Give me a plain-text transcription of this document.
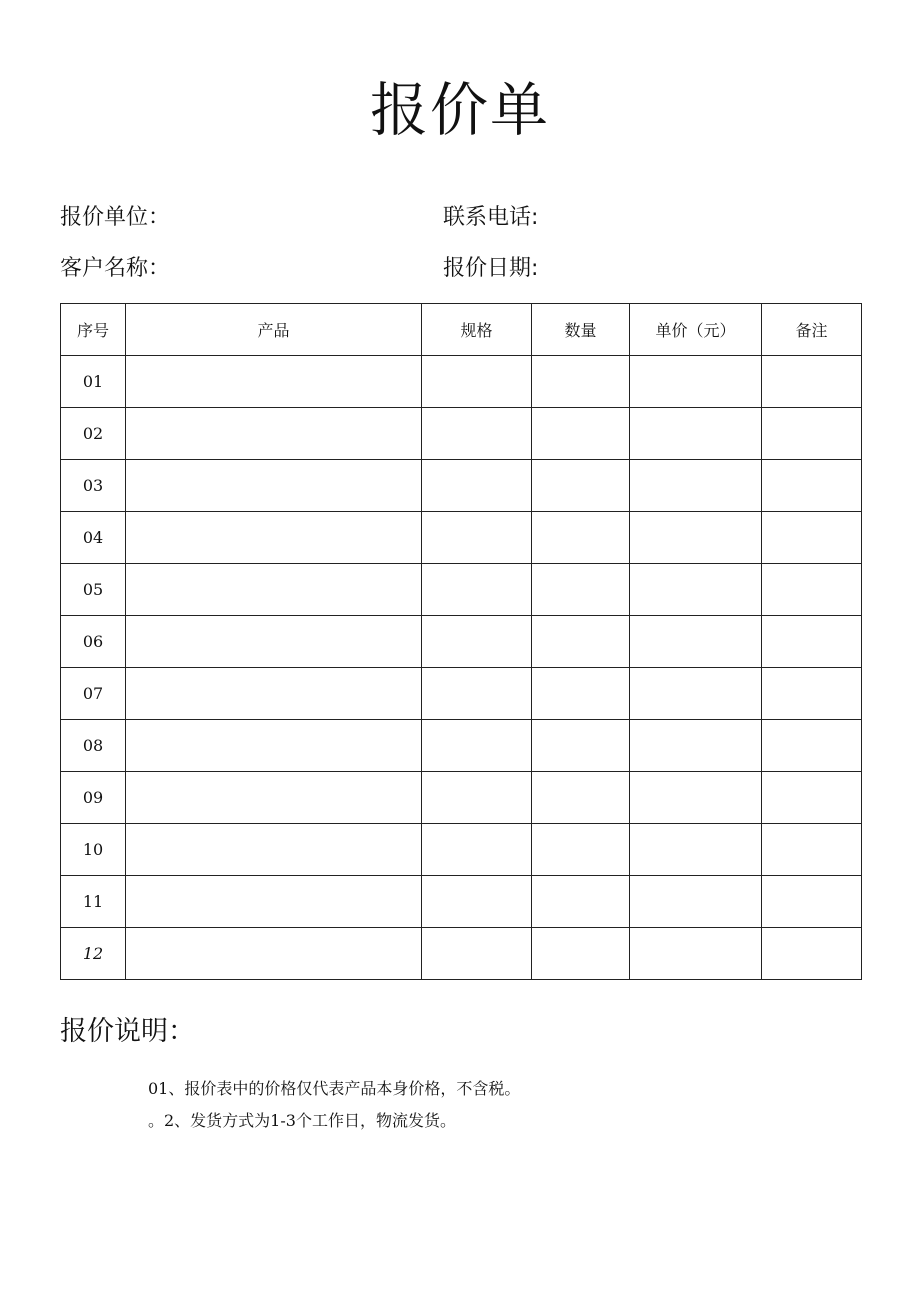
报价单
报价单位：	联系电话:
客户名称：	报价日期:
序号	产品	规格	数量	单价（元）	备注
01					
02					
03					
04					
05					
06					
07					
08					
09					
10					
11					
12					
报价说明：
01、报价表中的价格仅代表产品本身价格，不含税。
。2、发货方式为1-3个工作日，物流发货。
